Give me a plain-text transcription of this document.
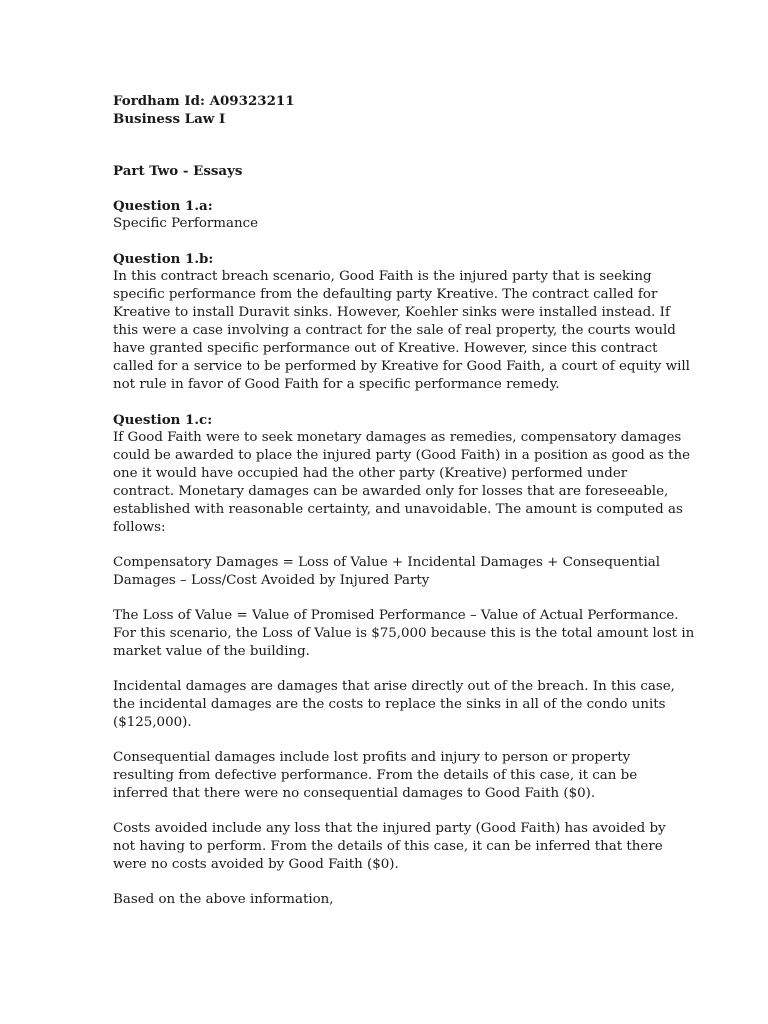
Fordham Id: A09323211

Business Law I

Part Two - Essays

Question 1.a:

Specific Performance

Question 1.b:

In this contract breach scenario, Good Faith is the injured party that is seeking

specific performance from the defaulting party Kreative. The contract called for

Kreative to install Duravit sinks. However, Koehler sinks were installed instead. If

this were a case involving a contract for the sale of real property, the courts would

have granted specific performance out of Kreative. However, since this contract

called for a service to be performed by Kreative for Good Faith, a court of equity will

not rule in favor of Good Faith for a specific performance remedy.

Question 1.c:

If Good Faith were to seek monetary damages as remedies, compensatory damages

could be awarded to place the injured party (Good Faith) in a position as good as the

one it would have occupied had the other party (Kreative) performed under

contract. Monetary damages can be awarded only for losses that are foreseeable,

established with reasonable certainty, and unavoidable. The amount is computed as

follows:

Compensatory Damages = Loss of Value + Incidental Damages + Consequential

Damages – Loss/Cost Avoided by Injured Party

The Loss of Value = Value of Promised Performance – Value of Actual Performance.

For this scenario, the Loss of Value is $75,000 because this is the total amount lost in

market value of the building.

Incidental damages are damages that arise directly out of the breach. In this case,

the incidental damages are the costs to replace the sinks in all of the condo units

($125,000).

Consequential damages include lost profits and injury to person or property

resulting from defective performance. From the details of this case, it can be

inferred that there were no consequential damages to Good Faith ($0).

Costs avoided include any loss that the injured party (Good Faith) has avoided by

not having to perform. From the details of this case, it can be inferred that there

were no costs avoided by Good Faith ($0).

Based on the above information,
